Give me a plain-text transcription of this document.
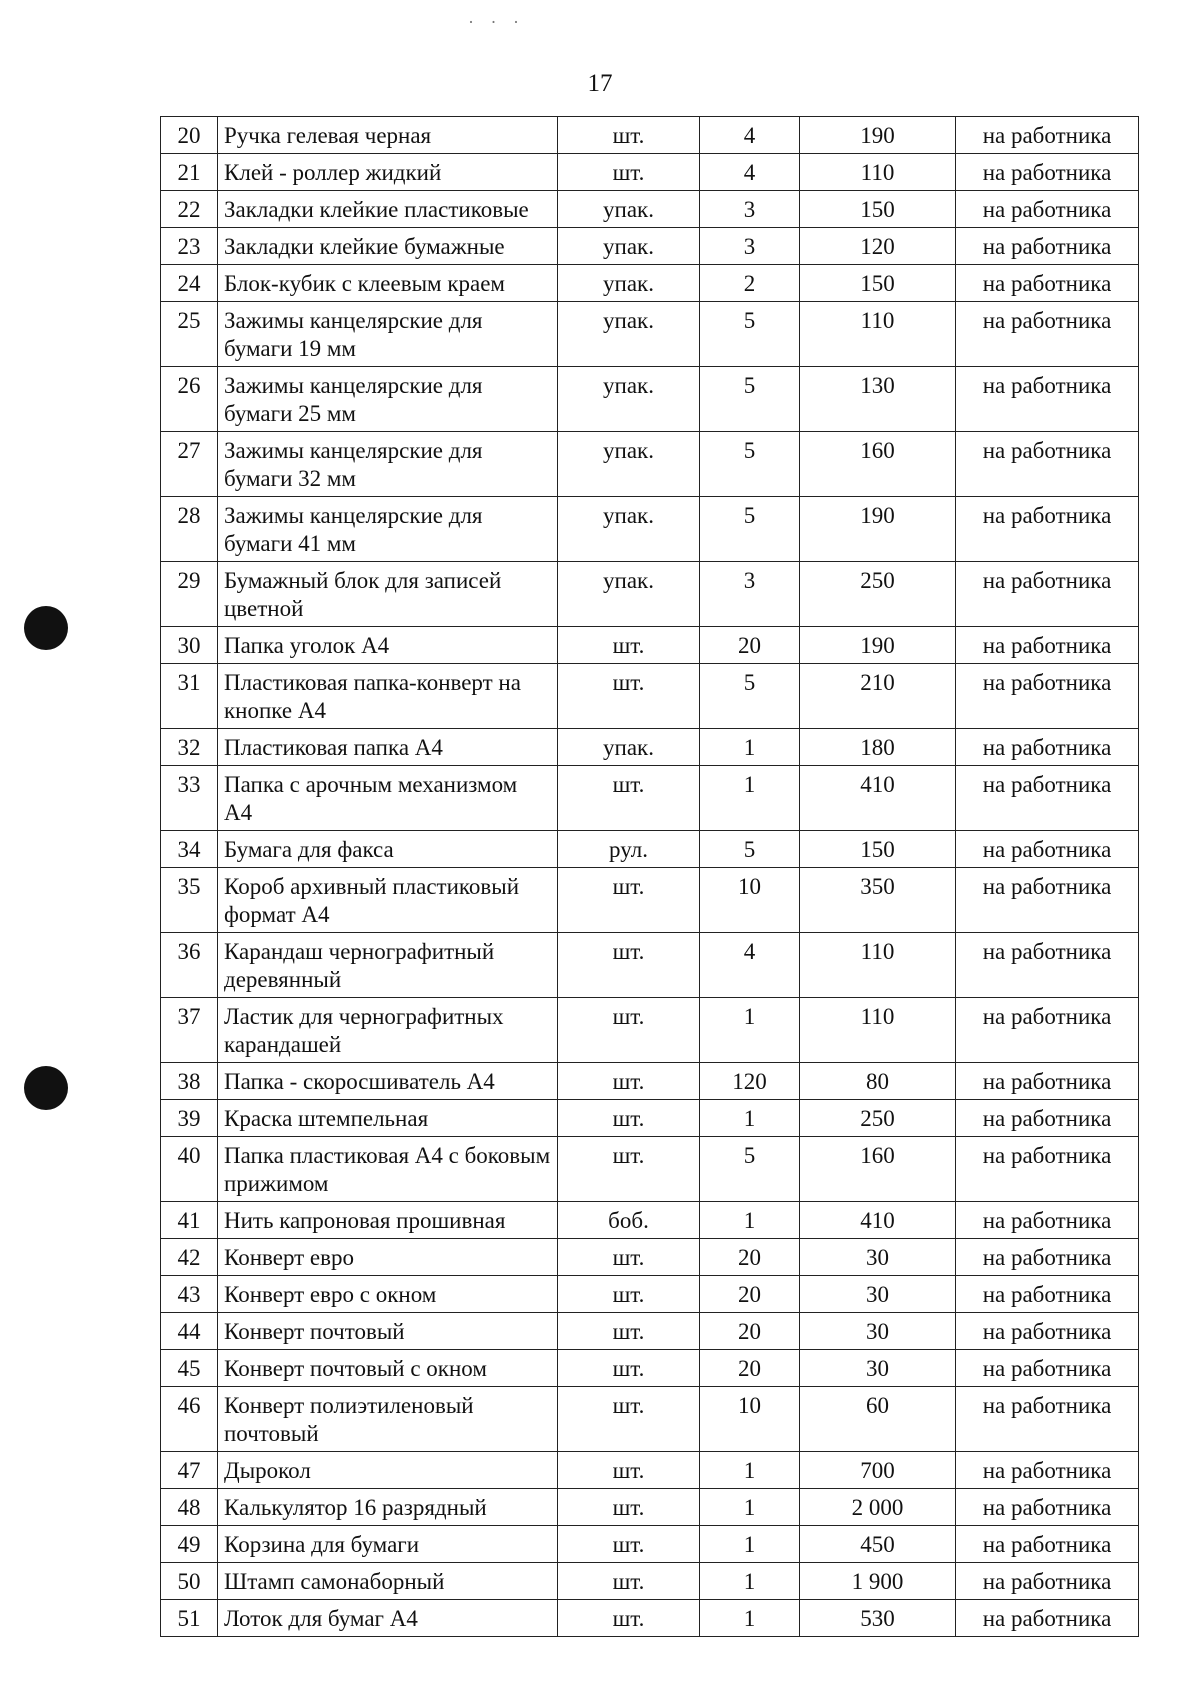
· · ·
17
20	Ручка гелевая черная	шт.	4	190	на работника
21	Клей - роллер жидкий	шт.	4	110	на работника
22	Закладки клейкие пластиковые	упак.	3	150	на работника
23	Закладки клейкие бумажные	упак.	3	120	на работника
24	Блок-кубик с клеевым краем	упак.	2	150	на работника
25	Зажимы канцелярские для бумаги 19 мм	упак.	5	110	на работника
26	Зажимы канцелярские для бумаги 25 мм	упак.	5	130	на работника
27	Зажимы канцелярские для бумаги 32 мм	упак.	5	160	на работника
28	Зажимы канцелярские для бумаги 41 мм	упак.	5	190	на работника
29	Бумажный блок для записей цветной	упак.	3	250	на работника
30	Папка уголок А4	шт.	20	190	на работника
31	Пластиковая папка-конверт на кнопке А4	шт.	5	210	на работника
32	Пластиковая папка А4	упак.	1	180	на работника
33	Папка с арочным механизмом А4	шт.	1	410	на работника
34	Бумага для факса	рул.	5	150	на работника
35	Короб архивный пластиковый формат А4	шт.	10	350	на работника
36	Карандаш чернографитный деревянный	шт.	4	110	на работника
37	Ластик для чернографитных карандашей	шт.	1	110	на работника
38	Папка - скоросшиватель А4	шт.	120	80	на работника
39	Краска штемпельная	шт.	1	250	на работника
40	Папка пластиковая А4 с боковым прижимом	шт.	5	160	на работника
41	Нить капроновая прошивная	боб.	1	410	на работника
42	Конверт евро	шт.	20	30	на работника
43	Конверт евро с окном	шт.	20	30	на работника
44	Конверт почтовый	шт.	20	30	на работника
45	Конверт почтовый с окном	шт.	20	30	на работника
46	Конверт полиэтиленовый почтовый	шт.	10	60	на работника
47	Дырокол	шт.	1	700	на работника
48	Калькулятор 16 разрядный	шт.	1	2 000	на работника
49	Корзина для бумаги	шт.	1	450	на работника
50	Штамп самонаборный	шт.	1	1 900	на работника
51	Лоток для бумаг А4	шт.	1	530	на работника
